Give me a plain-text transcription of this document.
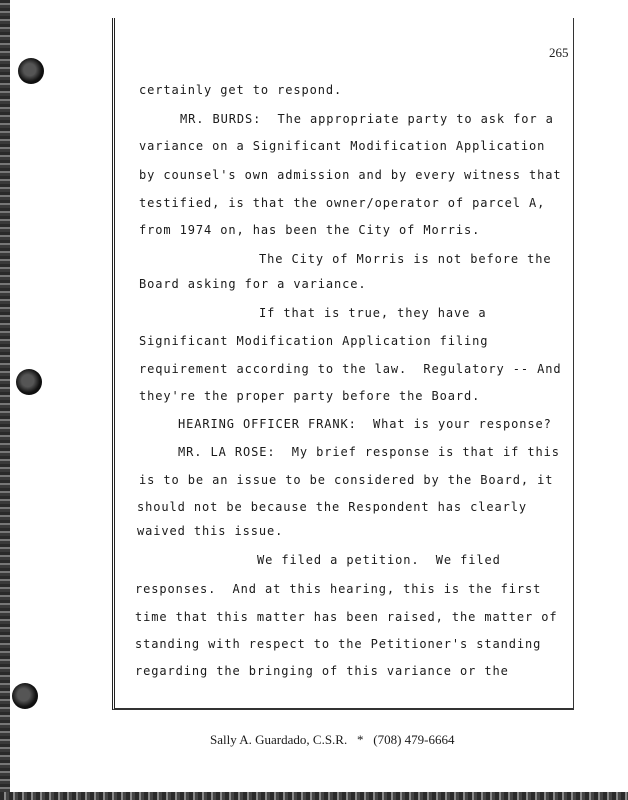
265
certainly get to respond.
MR. BURDS:  The appropriate party to ask for a
variance on a Significant Modification Application
by counsel's own admission and by every witness that
testified, is that the owner/operator of parcel A,
from 1974 on, has been the City of Morris.
The City of Morris is not before the
Board asking for a variance.
If that is true, they have a
Significant Modification Application filing
requirement according to the law.  Regulatory -- And
they're the proper party before the Board.
HEARING OFFICER FRANK:  What is your response?
MR. LA ROSE:  My brief response is that if this
is to be an issue to be considered by the Board, it
should not be because the Respondent has clearly
waived this issue.
We filed a petition.  We filed
responses.  And at this hearing, this is the first
time that this matter has been raised, the matter of
standing with respect to the Petitioner's standing
regarding the bringing of this variance or the
Sally A. Guardado, C.S.R. * (708) 479-6664
